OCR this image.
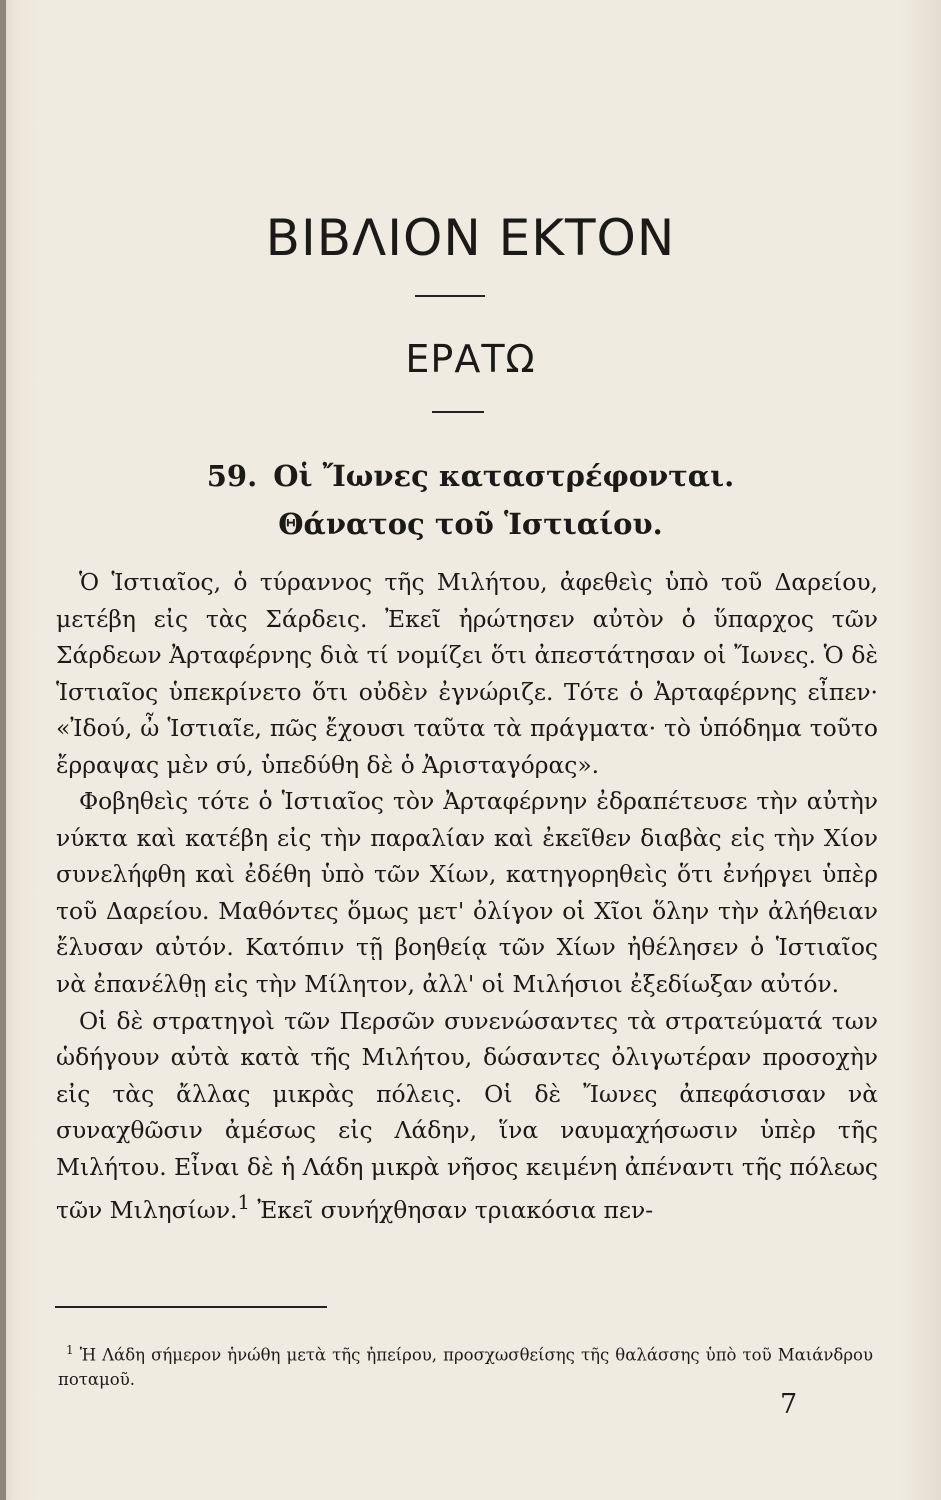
ΒΙΒΛΙΟΝ ΕΚΤΟΝ
ΕΡΑΤΩ
59. Οἱ Ἴωνες καταστρέφονται.
Θάνατος τοῦ Ἱστιαίου.

Ὁ Ἱστιαῖος, ὁ τύραννος τῆς Μιλήτου, ἀφεθεὶς ὑπὸ τοῦ Δαρείου, μετέβη εἰς τὰς Σάρδεις. Ἐκεῖ ἠρώτησεν αὐτὸν ὁ ὕπαρχος τῶν Σάρδεων Ἀρταφέρνης διὰ τί νομίζει ὅτι ἀπεστάτησαν οἱ Ἴωνες. Ὁ δὲ Ἱστιαῖος ὑπεκρίνετο ὅτι οὐδὲν ἐγνώριζε. Τότε ὁ Ἀρταφέρνης εἶπεν· «Ἰδού, ὦ Ἱστιαῖε, πῶς ἔχουσι ταῦτα τὰ πράγματα· τὸ ὑπόδημα τοῦτο ἔρραψας μὲν σύ, ὑπεδύθη δὲ ὁ Ἀρισταγόρας».

Φοβηθεὶς τότε ὁ Ἱστιαῖος τὸν Ἀρταφέρνην ἐδραπέτευσε τὴν αὐτὴν νύκτα καὶ κατέβη εἰς τὴν παραλίαν καὶ ἐκεῖθεν διαβὰς εἰς τὴν Χίον συνελήφθη καὶ ἐδέθη ὑπὸ τῶν Χίων, κατηγορηθεὶς ὅτι ἐνήργει ὑπὲρ τοῦ Δαρείου. Μαθόντες ὅμως μετ' ὀλίγον οἱ Χῖοι ὅλην τὴν ἀλήθειαν ἔλυσαν αὐτόν. Κατόπιν τῇ βοηθείᾳ τῶν Χίων ἠθέλησεν ὁ Ἱστιαῖος νὰ ἐπανέλθῃ εἰς τὴν Μίλητον, ἀλλ' οἱ Μιλήσιοι ἐξεδίωξαν αὐτόν.

Οἱ δὲ στρατηγοὶ τῶν Περσῶν συνενώσαντες τὰ στρατεύματά των ὡδήγουν αὐτὰ κατὰ τῆς Μιλήτου, δώσαντες ὀλιγωτέραν προσοχὴν εἰς τὰς ἄλλας μικρὰς πόλεις. Οἱ δὲ Ἴωνες ἀπεφάσισαν νὰ συναχθῶσιν ἀμέσως εἰς Λάδην, ἵνα ναυμαχήσωσιν ὑπὲρ τῆς Μιλήτου. Εἶναι δὲ ἡ Λάδη μικρὰ νῆσος κειμένη ἀπέναντι τῆς πόλεως τῶν Μιλησίων.$^1$ Ἐκεῖ συνήχθησαν τριακόσια πεν-

$^1$ Ἡ Λάδη σήμερον ἡνώθη μετὰ τῆς ἠπείρου, προσχωσθείσης τῆς θαλάσσης ὑπὸ τοῦ Μαιάνδρου ποταμοῦ.

7
